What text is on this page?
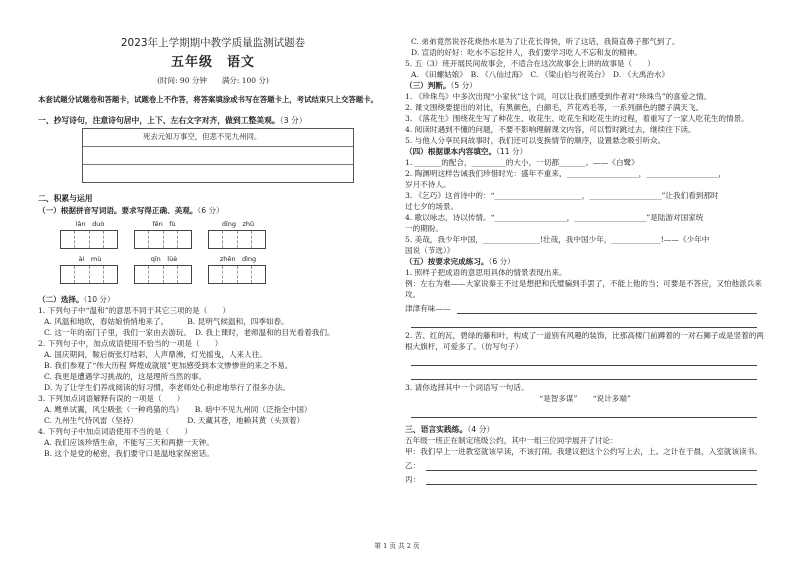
2023年上学期期中教学质量监测试题卷
五年级　语文
(时间: 90 分钟　　满分: 100 分)
本套试题分试题卷和答题卡，试题卷上不作答，将答案填涂或书写在答题卡上，考试结束只上交答题卡。
一、抄写诗句，注意诗句居中，上下、左右文字对齐，做到工整美观。（3 分）
死去元知万事空，但悲不见九州同。
二、积累与运用
（一）根据拼音写词语。要求写得正确、美观。（6 分）
lǎn　duò	fēn　fù	dīng　zhǔ
ài　mù	qīn　lüè	zhěn　dìng
（二）选择。（10 分）
1. 下列句子中“温和”的意思不同于其它三项的是（　　）
A. 风温和地吹，春姑娘悄悄地来了。　　　B. 昆明气候温和，四季如春。
C. 这一年的南门子里，我们一家由去游玩。　D. 我上课时，老师温和的目光看着我们。
2. 下列句子中，加点成语使用不恰当的一项是（　　）
A. 国庆期间，鞍后街张灯结彩，人声鼎沸，灯光摇曳，人来人往。
B. 我们参观了“伟大历程 辉煌成就展”更加感受到本文惨惨世的来之不易。
C. 我更是遭遇学习挑战的，这是理所当然的事。
D. 为了让学生们养成阅读的好习惯，李老师处心积虑地举行了很多办法。
3. 下列加点词语解释有误的一项是（　　）
A. 飕单试翼，风尘吸张（一种鸡猫的鸟）　　B. 暗中不见九州同（泛指全中国）
C. 九州生气恃风雷（坚持）　　　　　　　D. 天藏其苍，地赖其黄（头顶着）
4. 下列句子中加点词语使用不当的是（　　）
A. 我们应该珍惜生命，不能写三天和两搪一天钟。
B. 这个是党的秘密，我们要守口是温地家保密话。
C. 弟弟竟然说谷花烧热水是为了让花长得快，听了这话，我简直鼻子都气到了。
D. 宣语的好好：吃水不忘挖井人，我们要学习吃人不忘和友的精神。
5. 五（3）班开展民间故事会，不适合在这次故事会上讲的故事是（　　）
A. 《田螺姑娘》　B. 《八仙过海》　C. 《梁山伯与祝英台》　D. 《大禹治水》
（三）判断。（5 分）
1. 《珍珠鸟》中多次出现“小家伙”这个词，可以让我们感受到作者对“珍珠鸟”的喜爱之情。
2. 课文围绕要提出的对比，有黑颜色，白颜毛，芦花鸡毛等，一系列颜色的腰子满天飞。
3. 《落花生》围绕花生写了种花生、收花生、吃花生和吃花生的过程，着重写了一家人吃花生的情景。
4. 阅读时遇到不懂的问题，不要不影响理解课文内容，可以暂时跳过去，继续往下读。
5. 与他人分享民间故事时，我们还可以变换情节的顺序，设置悬念吸引听众。
（四）根据课本内容填空。（11 分）
1. _______的配合，_________的大小，一切都_______。——《白鹭》
2. 陶渊明这样告诫我们珍惜时光：盛年不重来，___________________，___________________，
岁月不待人。
3. 《乞巧》这首诗中的：“_______________________，___________________”让我们看到那时
过七夕的场景。
4. 歌以咏志，诗以传情。“___________________，___________________”是陆游对国家统
一的期盼。
5. 美哉，我少年中国，_______________!壮哉，我中国少年，_____________!——《少年中
国说（节选）》
（五）按要求完成练习。（6 分）
1. 照样子把成语的意思用具体的情景表现出来。
例：左右为难——大家说秦王不过是想把和氏璧骗到手罢了，不能上他的当；可要是不答应，又怕他派兵来攻。
津津有味——
2. 苦、红的瓦，碧绿的藤和叶，构成了一道别有风趣的装饰，比那高楼门前蹲着的一对石狮子或是竖着的两根大旗杆，可爱多了。（仿写句子）
3. 请你选择其中一个词语写一句话。
“是智多谋”　　“说计多端”
三、语言实践练。（4 分）
五年级一班正在制定班级公约，其中一组三位同学展开了讨论：
甲：我们早上一进教室就该早读，不该打闹。我建议把这个公约写上去，上。之计在于晨，入室就该读书。
乙：
丙：
第 1 页 共 2 页
